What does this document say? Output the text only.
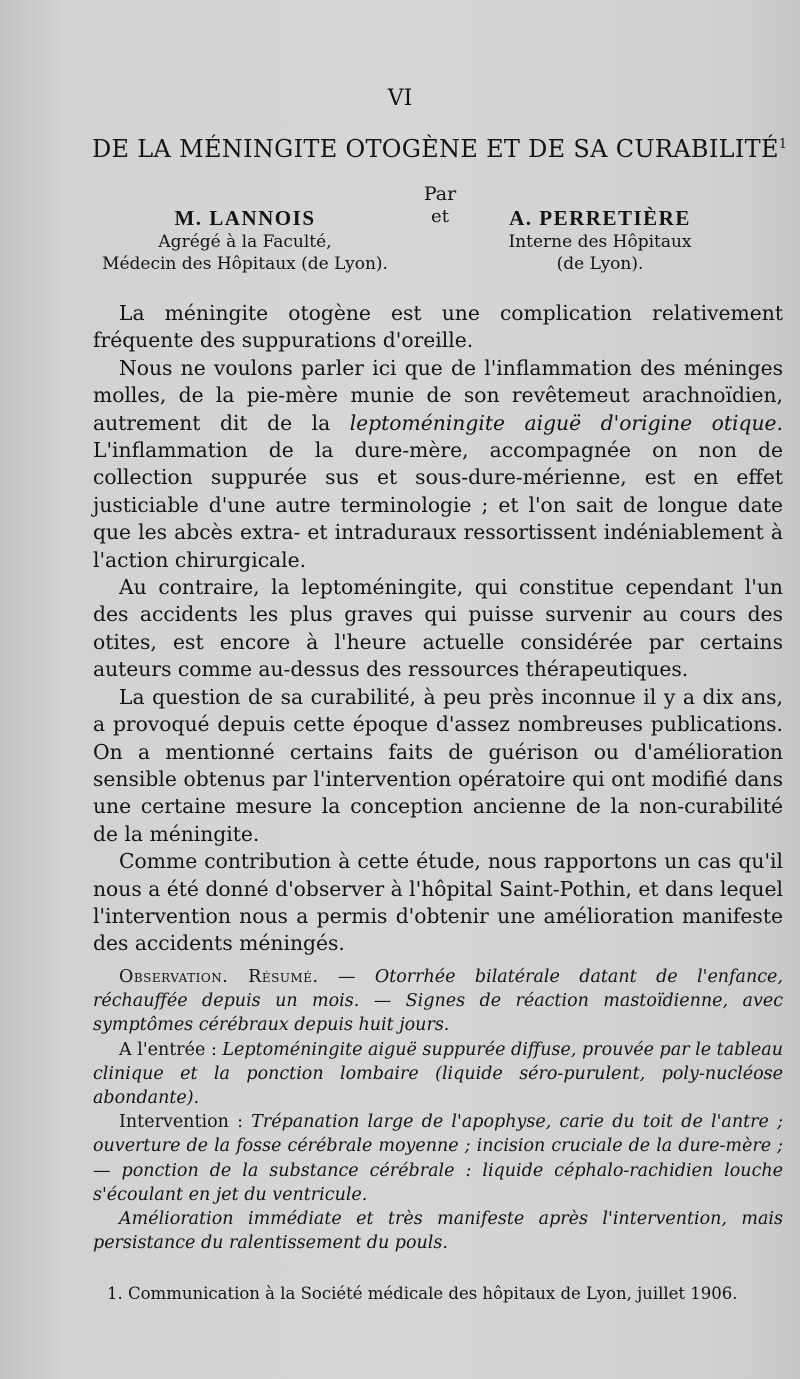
VI
DE LA MÉNINGITE OTOGÈNE ET DE SA CURABILITÉ$^1$
Par
et
M. LANNOIS
Agrégé à la Faculté,
Médecin des Hôpitaux (de Lyon).
A. PERRETIÈRE
Interne des Hôpitaux
(de Lyon).

La méningite otogène est une complication relativement fréquente des suppurations d'oreille.

Nous ne voulons parler ici que de l'inflammation des méninges molles, de la pie-mère munie de son revêtemeut arachnoïdien, autrement dit de la leptoméningite aiguë d'origine otique. L'inflammation de la dure-mère, accompagnée on non de collection suppurée sus et sous-dure-mérienne, est en effet justiciable d'une autre terminologie ; et l'on sait de longue date que les abcès extra- et intraduraux ressortissent indéniablement à l'action chirurgicale.

Au contraire, la leptoméningite, qui constitue cependant l'un des accidents les plus graves qui puisse survenir au cours des otites, est encore à l'heure actuelle considérée par certains auteurs comme au-dessus des ressources thérapeutiques.

La question de sa curabilité, à peu près inconnue il y a dix ans, a provoqué depuis cette époque d'assez nombreuses publications. On a mentionné certains faits de guérison ou d'amélioration sensible obtenus par l'intervention opératoire qui ont modifié dans une certaine mesure la conception ancienne de la non-curabilité de la méningite.

Comme contribution à cette étude, nous rapportons un cas qu'il nous a été donné d'observer à l'hôpital Saint-Pothin, et dans lequel l'intervention nous a permis d'obtenir une amélioration manifeste des accidents méningés.

Observation. Résumé. — Otorrhée bilatérale datant de l'enfance, réchauffée depuis un mois. — Signes de réaction mastoïdienne, avec symptômes cérébraux depuis huit jours.

A l'entrée : Leptoméningite aiguë suppurée diffuse, prouvée par le tableau clinique et la ponction lombaire (liquide séro-purulent, poly-nucléose abondante).

Intervention : Trépanation large de l'apophyse, carie du toit de l'antre ; ouverture de la fosse cérébrale moyenne ; incision cruciale de la dure-mère ; — ponction de la substance cérébrale : liquide céphalo-rachidien louche s'écoulant en jet du ventricule.

Amélioration immédiate et très manifeste après l'intervention, mais persistance du ralentissement du pouls.

1. Communication à la Société médicale des hôpitaux de Lyon, juillet 1906.
